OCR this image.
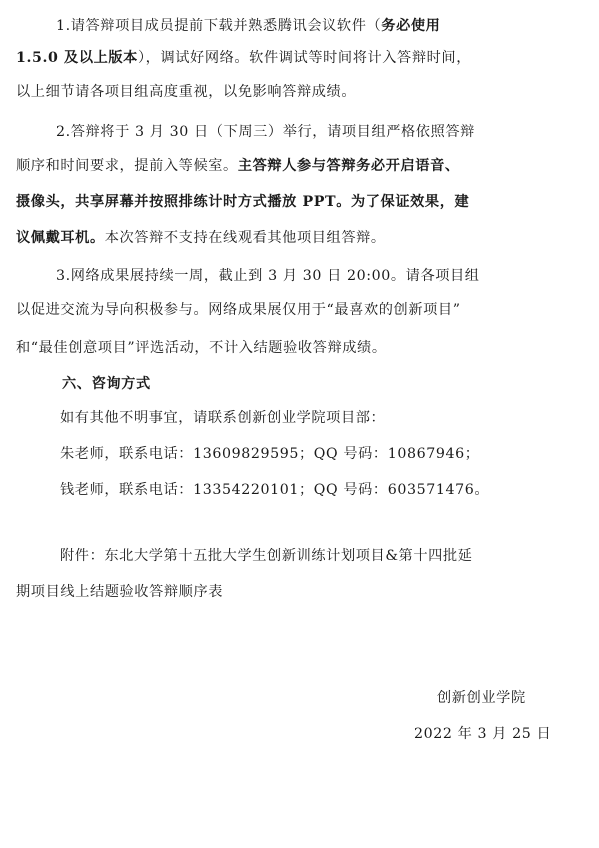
1.请答辩项目成员提前下载并熟悉腾讯会议软件（务必使用
1.5.0 及以上版本），调试好网络。软件调试等时间将计入答辩时间，
以上细节请各项目组高度重视，以免影响答辩成绩。
2.答辩将于 3 月 30 日（下周三）举行，请项目组严格依照答辩
顺序和时间要求，提前入等候室。主答辩人参与答辩务必开启语音、
摄像头，共享屏幕并按照排练计时方式播放 PPT。为了保证效果，建
议佩戴耳机。本次答辩不支持在线观看其他项目组答辩。
3.网络成果展持续一周，截止到 3 月 30 日 20:00。请各项目组
以促进交流为导向积极参与。网络成果展仅用于“最喜欢的创新项目”
和“最佳创意项目”评选活动，不计入结题验收答辩成绩。
六、咨询方式
如有其他不明事宜，请联系创新创业学院项目部：
朱老师，联系电话：13609829595；QQ 号码：10867946；
钱老师，联系电话：13354220101；QQ 号码：603571476。
附件：东北大学第十五批大学生创新训练计划项目&第十四批延
期项目线上结题验收答辩顺序表
创新创业学院
2022 年 3 月 25 日
